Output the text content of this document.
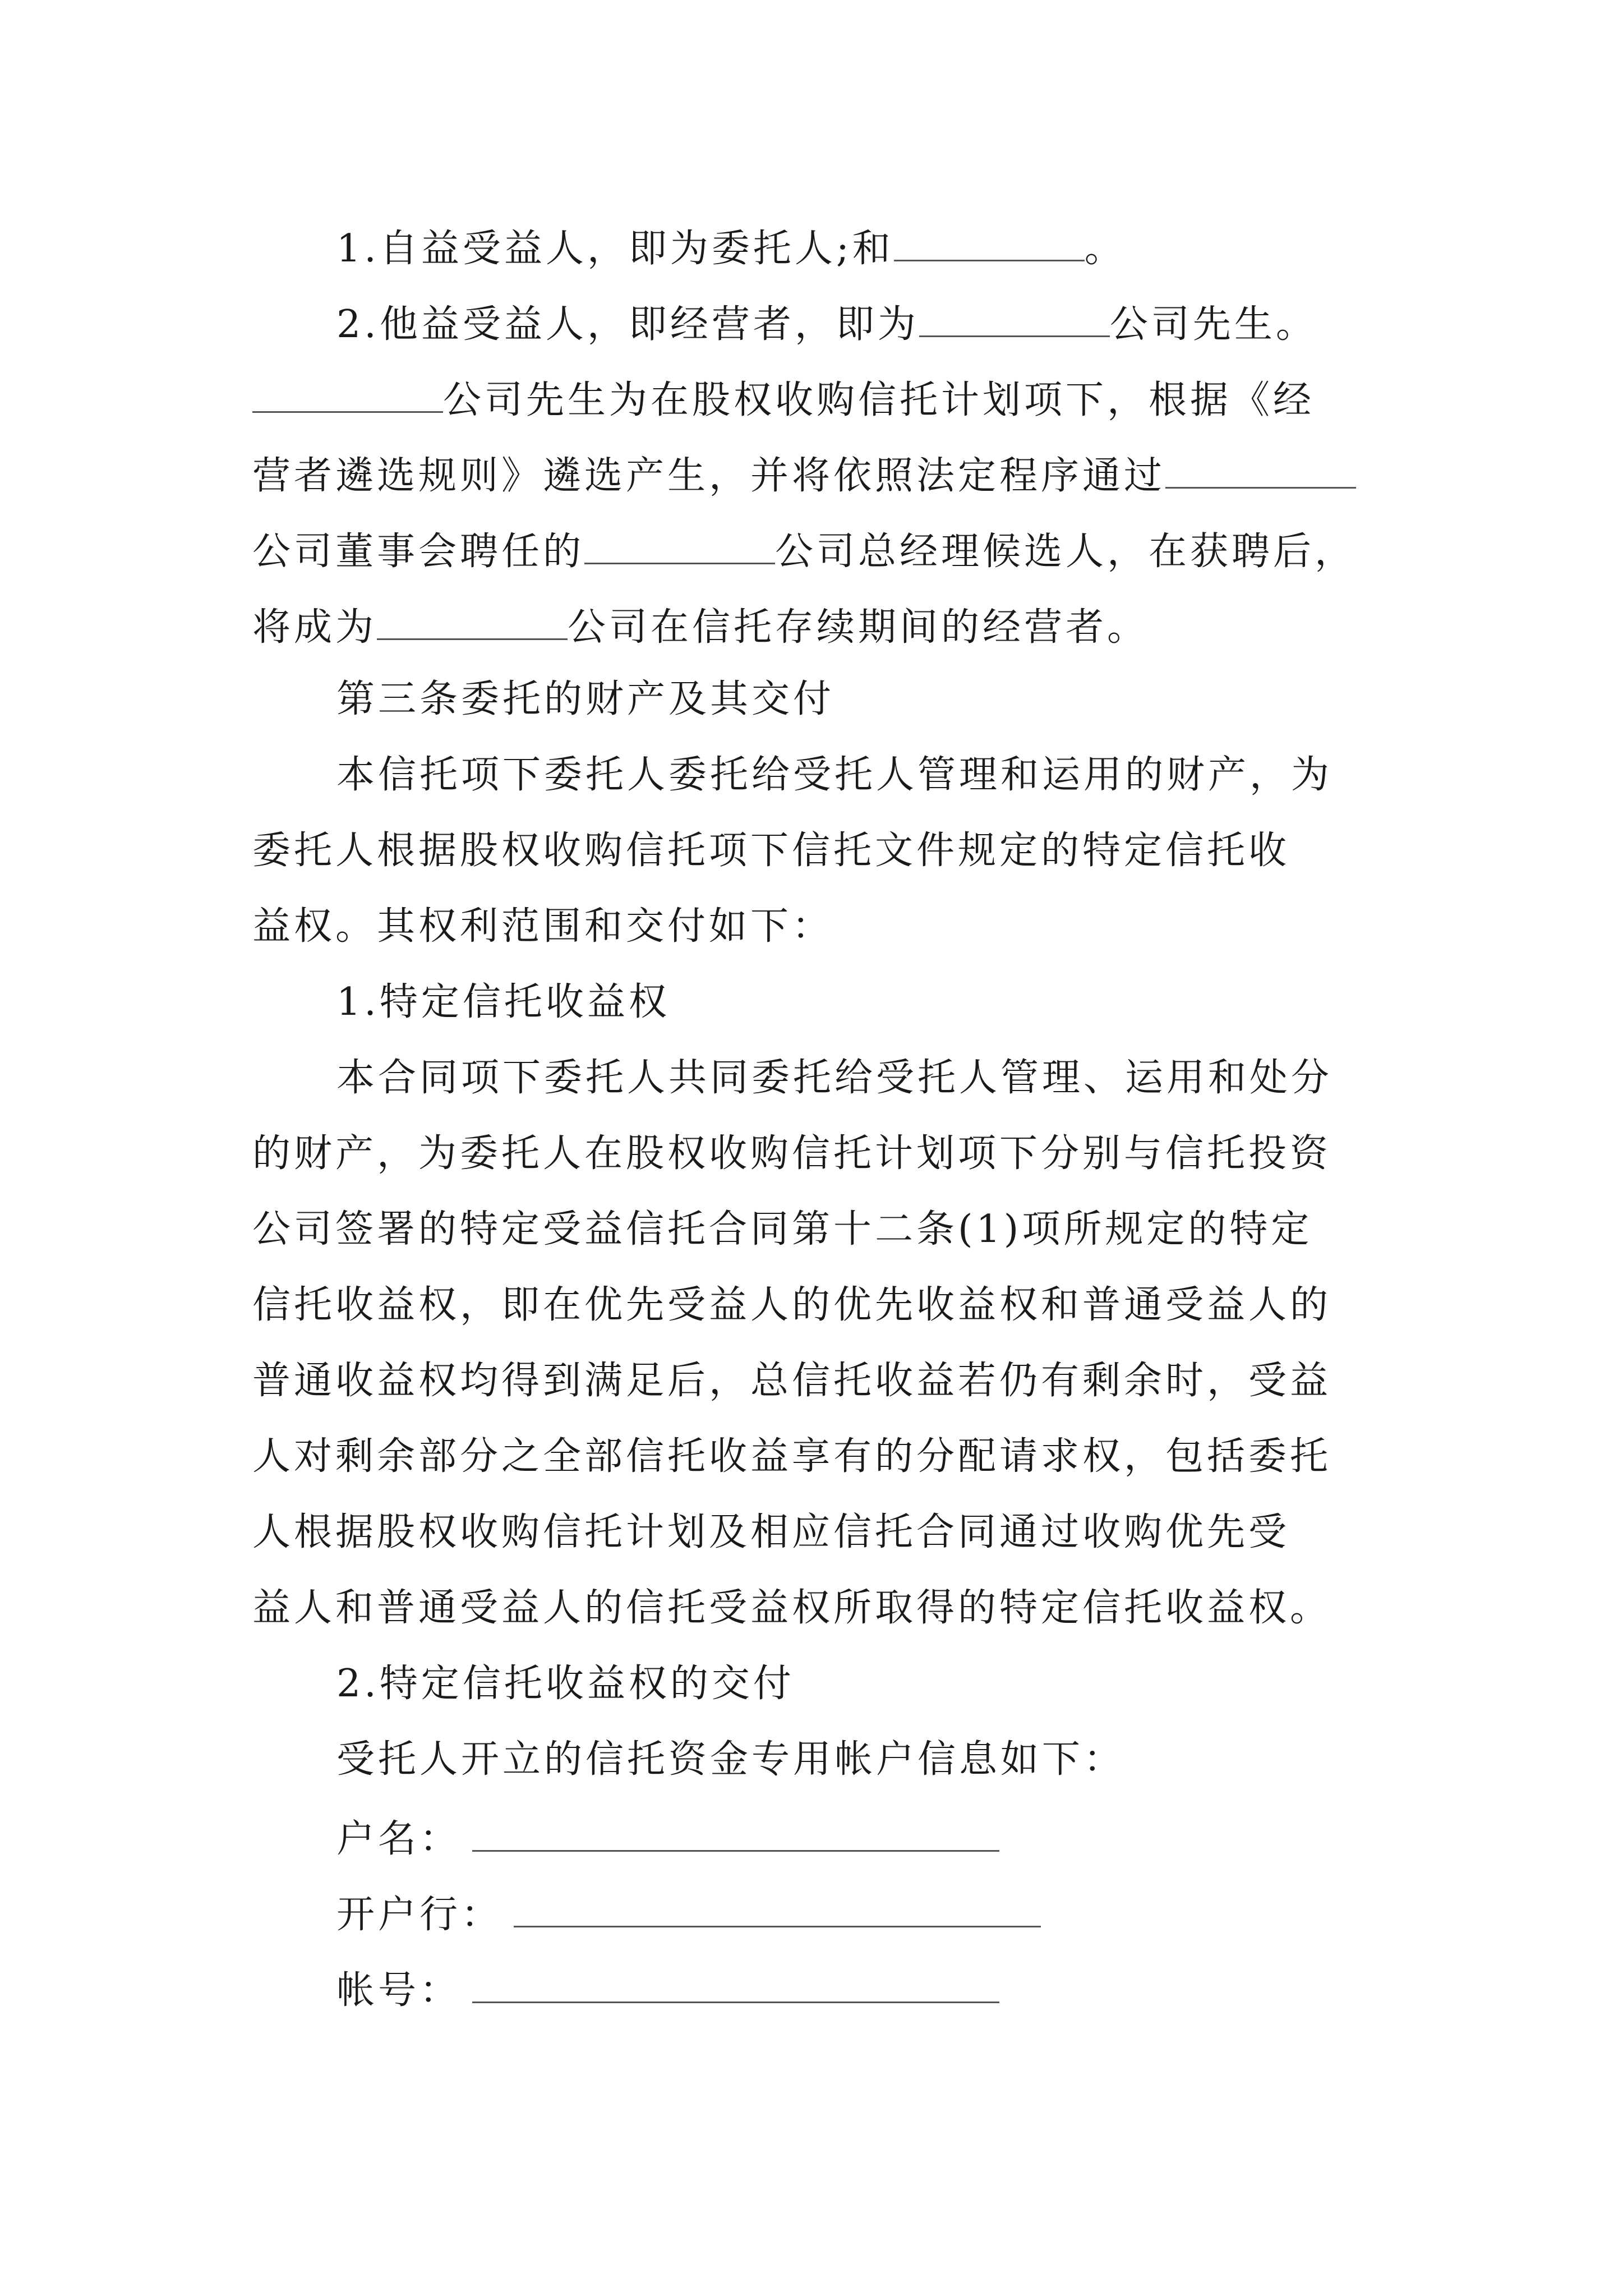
1.自益受益人，即为委托人;和	。
2.他益受益人，即经营者，即为	公司先生。
公司先生为在股权收购信托计划项下，根据《经
营者遴选规则》遴选产生，并将依照法定程序通过
公司董事会聘任的	公司总经理候选人，在获聘后，
将成为	公司在信托存续期间的经营者。
第三条委托的财产及其交付
本信托项下委托人委托给受托人管理和运用的财产，为
委托人根据股权收购信托项下信托文件规定的特定信托收
益权。其权利范围和交付如下：
1.特定信托收益权
本合同项下委托人共同委托给受托人管理、运用和处分
的财产，为委托人在股权收购信托计划项下分别与信托投资
公司签署的特定受益信托合同第十二条(1)项所规定的特定
信托收益权，即在优先受益人的优先收益权和普通受益人的
普通收益权均得到满足后，总信托收益若仍有剩余时，受益
人对剩余部分之全部信托收益享有的分配请求权，包括委托
人根据股权收购信托计划及相应信托合同通过收购优先受
益人和普通受益人的信托受益权所取得的特定信托收益权。
2.特定信托收益权的交付
受托人开立的信托资金专用帐户信息如下：
户名：
开户行：
帐号：
